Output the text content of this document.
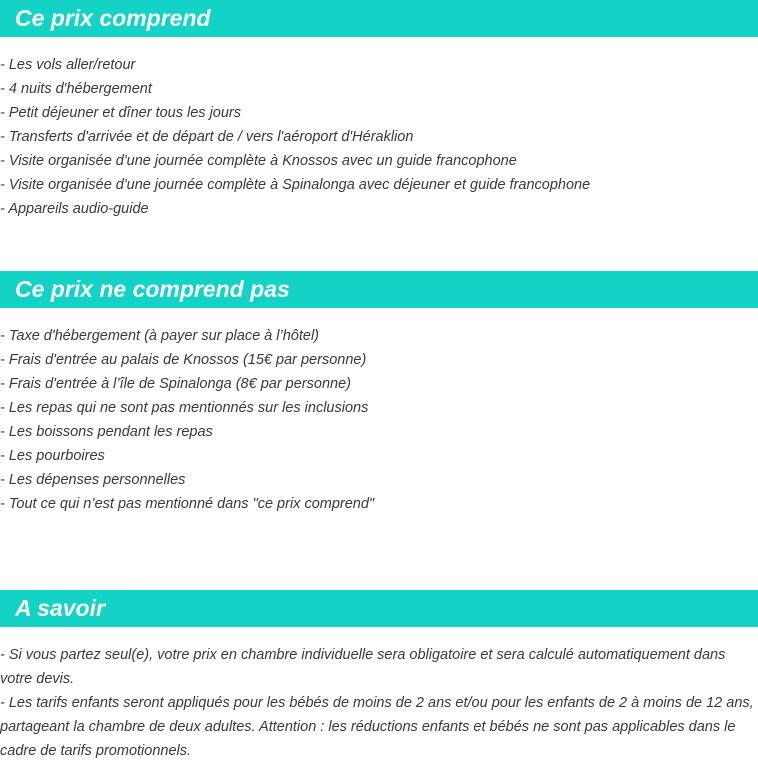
Ce prix comprend
- Les vols aller/retour
- 4 nuits d'hébergement
- Petit déjeuner et dîner tous les jours
- Transferts d'arrivée et de départ de / vers l'aéroport d'Héraklion
- Visite organisée d'une journée complète à Knossos avec un guide francophone
- Visite organisée d'une journée complète à Spinalonga avec déjeuner et guide francophone
- Appareils audio-guide
Ce prix ne comprend pas
- Taxe d'hébergement (à payer sur place à l’hôtel)
- Frais d'entrée au palais de Knossos (15€ par personne)
- Frais d'entrée à l’île de Spinalonga (8€ par personne)
- Les repas qui ne sont pas mentionnés sur les inclusions
- Les boissons pendant les repas
- Les pourboires
- Les dépenses personnelles
- Tout ce qui n’est pas mentionné dans "ce prix comprend"
A savoir
- Si vous partez seul(e), votre prix en chambre individuelle sera obligatoire et sera calculé automatiquement dans votre devis.
- Les tarifs enfants seront appliqués pour les bébés de moins de 2 ans et/ou pour les enfants de 2 à moins de 12 ans, partageant la chambre de deux adultes. Attention : les réductions enfants et bébés ne sont pas applicables dans le cadre de tarifs promotionnels.
